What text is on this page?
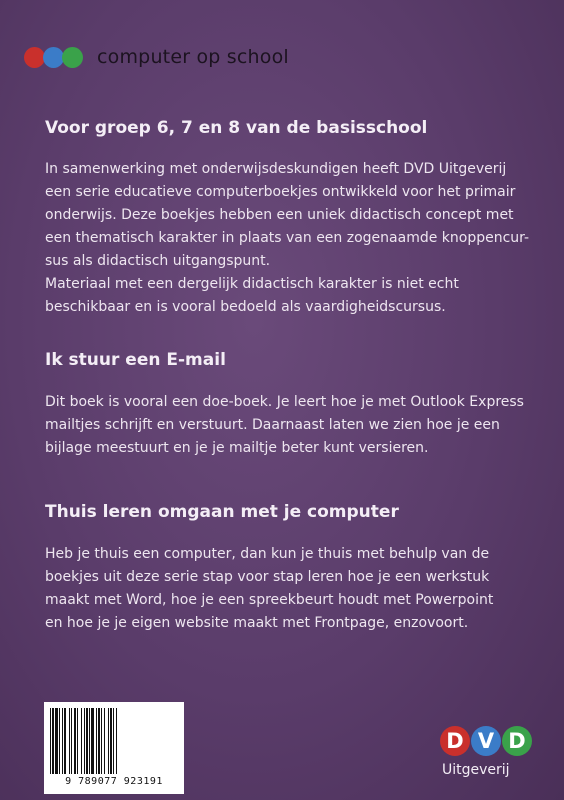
computer op school
Voor groep 6, 7 en 8 van de basisschool

In samenwerking met onderwijsdeskundigen heeft DVD Uitgeverij
een serie educatieve computerboekjes ontwikkeld voor het primair
onderwijs. Deze boekjes hebben een uniek didactisch concept met
een thematisch karakter in plaats van een zogenaamde knoppencur-
sus als didactisch uitgangspunt.
Materiaal met een dergelijk didactisch karakter is niet echt
beschikbaar en is vooral bedoeld als vaardigheidscursus.

Ik stuur een E-mail

Dit boek is vooral een doe-boek. Je leert hoe je met Outlook Express
mailtjes schrijft en verstuurt. Daarnaast laten we zien hoe je een
bijlage meestuurt en je je mailtje beter kunt versieren.

Thuis leren omgaan met je computer

Heb je thuis een computer, dan kun je thuis met behulp van de
boekjes uit deze serie stap voor stap leren hoe je een werkstuk
maakt met Word, hoe je een spreekbeurt houdt met Powerpoint
en hoe je je eigen website maakt met Frontpage, enzovoort.

9 789077 923191
D V D
Uitgeverij
